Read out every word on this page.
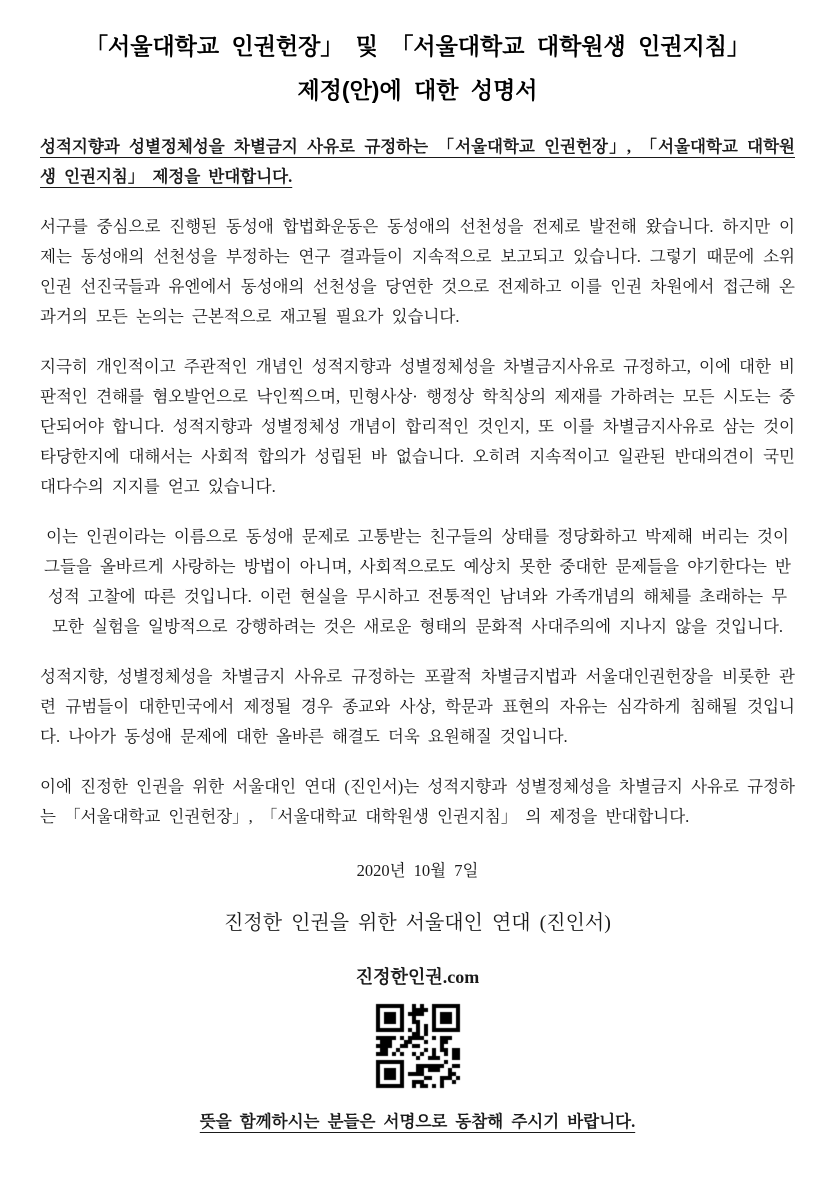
「서울대학교 인권헌장」 및 「서울대학교 대학원생 인권지침」
제정(안)에 대한 성명서

성적지향과 성별정체성을 차별금지 사유로 규정하는 「서울대학교 인권헌장」, 「서울대학교 대학원생 인권지침」 제정을 반대합니다.

서구를 중심으로 진행된 동성애 합법화운동은 동성애의 선천성을 전제로 발전해 왔습니다. 하지만 이제는 동성애의 선천성을 부정하는 연구 결과들이 지속적으로 보고되고 있습니다. 그렇기 때문에 소위 인권 선진국들과 유엔에서 동성애의 선천성을 당연한 것으로 전제하고 이를 인권 차원에서 접근해 온 과거의 모든 논의는 근본적으로 재고될 필요가 있습니다.

지극히 개인적이고 주관적인 개념인 성적지향과 성별정체성을 차별금지사유로 규정하고, 이에 대한 비판적인 견해를 혐오발언으로 낙인찍으며, 민형사상· 행정상 학칙상의 제재를 가하려는 모든 시도는 중단되어야 합니다. 성적지향과 성별정체성 개념이 합리적인 것인지, 또 이를 차별금지사유로 삼는 것이 타당한지에 대해서는 사회적 합의가 성립된 바 없습니다. 오히려 지속적이고 일관된 반대의견이 국민 대다수의 지지를 얻고 있습니다.

이는 인권이라는 이름으로 동성애 문제로 고통받는 친구들의 상태를 정당화하고 박제해 버리는 것이 그들을 올바르게 사랑하는 방법이 아니며, 사회적으로도 예상치 못한 중대한 문제들을 야기한다는 반성적 고찰에 따른 것입니다. 이런 현실을 무시하고 전통적인 남녀와 가족개념의 해체를 초래하는 무모한 실험을 일방적으로 강행하려는 것은 새로운 형태의 문화적 사대주의에 지나지 않을 것입니다.

성적지향, 성별정체성을 차별금지 사유로 규정하는 포괄적 차별금지법과 서울대인권헌장을 비롯한 관련 규범들이 대한민국에서 제정될 경우 종교와 사상, 학문과 표현의 자유는 심각하게 침해될 것입니다. 나아가 동성애 문제에 대한 올바른 해결도 더욱 요원해질 것입니다.

이에 진정한 인권을 위한 서울대인 연대 (진인서)는 성적지향과 성별정체성을 차별금지 사유로 규정하는 「서울대학교 인권헌장」, 「서울대학교 대학원생 인권지침」 의 제정을 반대합니다.

2020년 10월 7일

진정한 인권을 위한 서울대인 연대 (진인서)

진정한인권.com

뜻을 함께하시는 분들은 서명으로 동참해 주시기 바랍니다.
